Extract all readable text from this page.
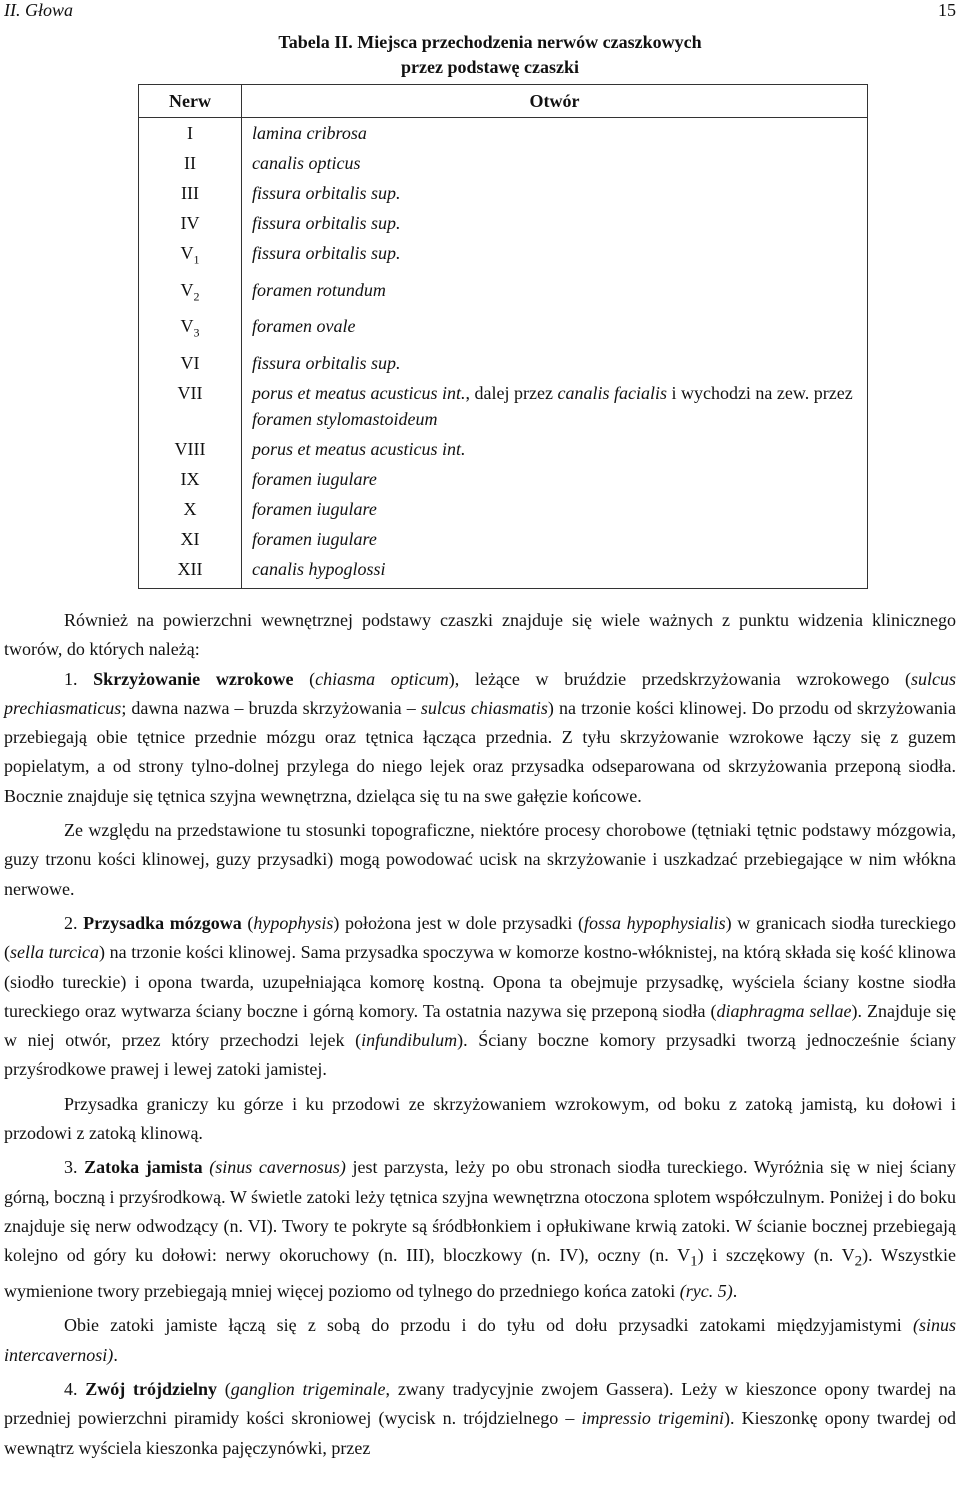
II. Głowa	15
Tabela II. Miejsca przechodzenia nerwów czaszkowych
przez podstawę czaszki
Nerw	Otwór
I	lamina cribrosa
II	canalis opticus
III	fissura orbitalis sup.
IV	fissura orbitalis sup.
$V_1$	fissura orbitalis sup.
$V_2$	foramen rotundum
$V_3$	foramen ovale
VI	fissura orbitalis sup.
VII	porus et meatus acusticus int., dalej przez canalis facialis i wychodzi na zew. przez foramen stylomastoideum
VIII	porus et meatus acusticus int.
IX	foramen iugulare
X	foramen iugulare
XI	foramen iugulare
XII	canalis hypoglossi

Również na powierzchni wewnętrznej podstawy czaszki znajduje się wiele ważnych z punktu widzenia klinicznego tworów, do których należą:

1. Skrzyżowanie wzrokowe (chiasma opticum), leżące w bruździe przedskrzyżowania wzrokowego (sulcus prechiasmaticus; dawna nazwa – bruzda skrzyżowania – sulcus chiasmatis) na trzonie kości klinowej. Do przodu od skrzyżowania przebiegają obie tętnice przednie mózgu oraz tętnica łącząca przednia. Z tyłu skrzyżowanie wzrokowe łączy się z guzem popielatym, a od strony tylno-dolnej przylega do niego lejek oraz przysadka odseparowana od skrzyżowania przeponą siodła. Bocznie znajduje się tętnica szyjna wewnętrzna, dzieląca się tu na swe gałęzie końcowe.

Ze względu na przedstawione tu stosunki topograficzne, niektóre procesy chorobowe (tętniaki tętnic podstawy mózgowia, guzy trzonu kości klinowej, guzy przysadki) mogą powodować ucisk na skrzyżowanie i uszkadzać przebiegające w nim włókna nerwowe.

2. Przysadka mózgowa (hypophysis) położona jest w dole przysadki (fossa hypophysialis) w granicach siodła tureckiego (sella turcica) na trzonie kości klinowej. Sama przysadka spoczywa w komorze kostno-włóknistej, na którą składa się kość klinowa (siodło tureckie) i opona twarda, uzupełniająca komorę kostną. Opona ta obejmuje przysadkę, wyściela ściany kostne siodła tureckiego oraz wytwarza ściany boczne i górną komory. Ta ostatnia nazywa się przeponą siodła (diaphragma sellae). Znajduje się w niej otwór, przez który przechodzi lejek (infundibulum). Ściany boczne komory przysadki tworzą jednocześnie ściany przyśrodkowe prawej i lewej zatoki jamistej.

Przysadka graniczy ku górze i ku przodowi ze skrzyżowaniem wzrokowym, od boku z zatoką jamistą, ku dołowi i przodowi z zatoką klinową.

3. Zatoka jamista (sinus cavernosus) jest parzysta, leży po obu stronach siodła tureckiego. Wyróżnia się w niej ściany górną, boczną i przyśrodkową. W świetle zatoki leży tętnica szyjna wewnętrzna otoczona splotem współczulnym. Poniżej i do boku znajduje się nerw odwodzący (n. VI). Twory te pokryte są śródbłonkiem i opłukiwane krwią zatoki. W ścianie bocznej przebiegają kolejno od góry ku dołowi: nerwy okoruchowy (n. III), bloczkowy (n. IV), oczny (n. $V_1$) i szczękowy (n. $V_2$). Wszystkie wymienione twory przebiegają mniej więcej poziomo od tylnego do przedniego końca zatoki (ryc. 5).

Obie zatoki jamiste łączą się z sobą do przodu i do tyłu od dołu przysadki zatokami międzyjamistymi (sinus intercavernosi).

4. Zwój trójdzielny (ganglion trigeminale, zwany tradycyjnie zwojem Gassera). Leży w kieszonce opony twardej na przedniej powierzchni piramidy kości skroniowej (wycisk n. trójdzielnego – impressio trigemini). Kieszonkę opony twardej od wewnątrz wyściela kieszonka pajęczynówki, przez
